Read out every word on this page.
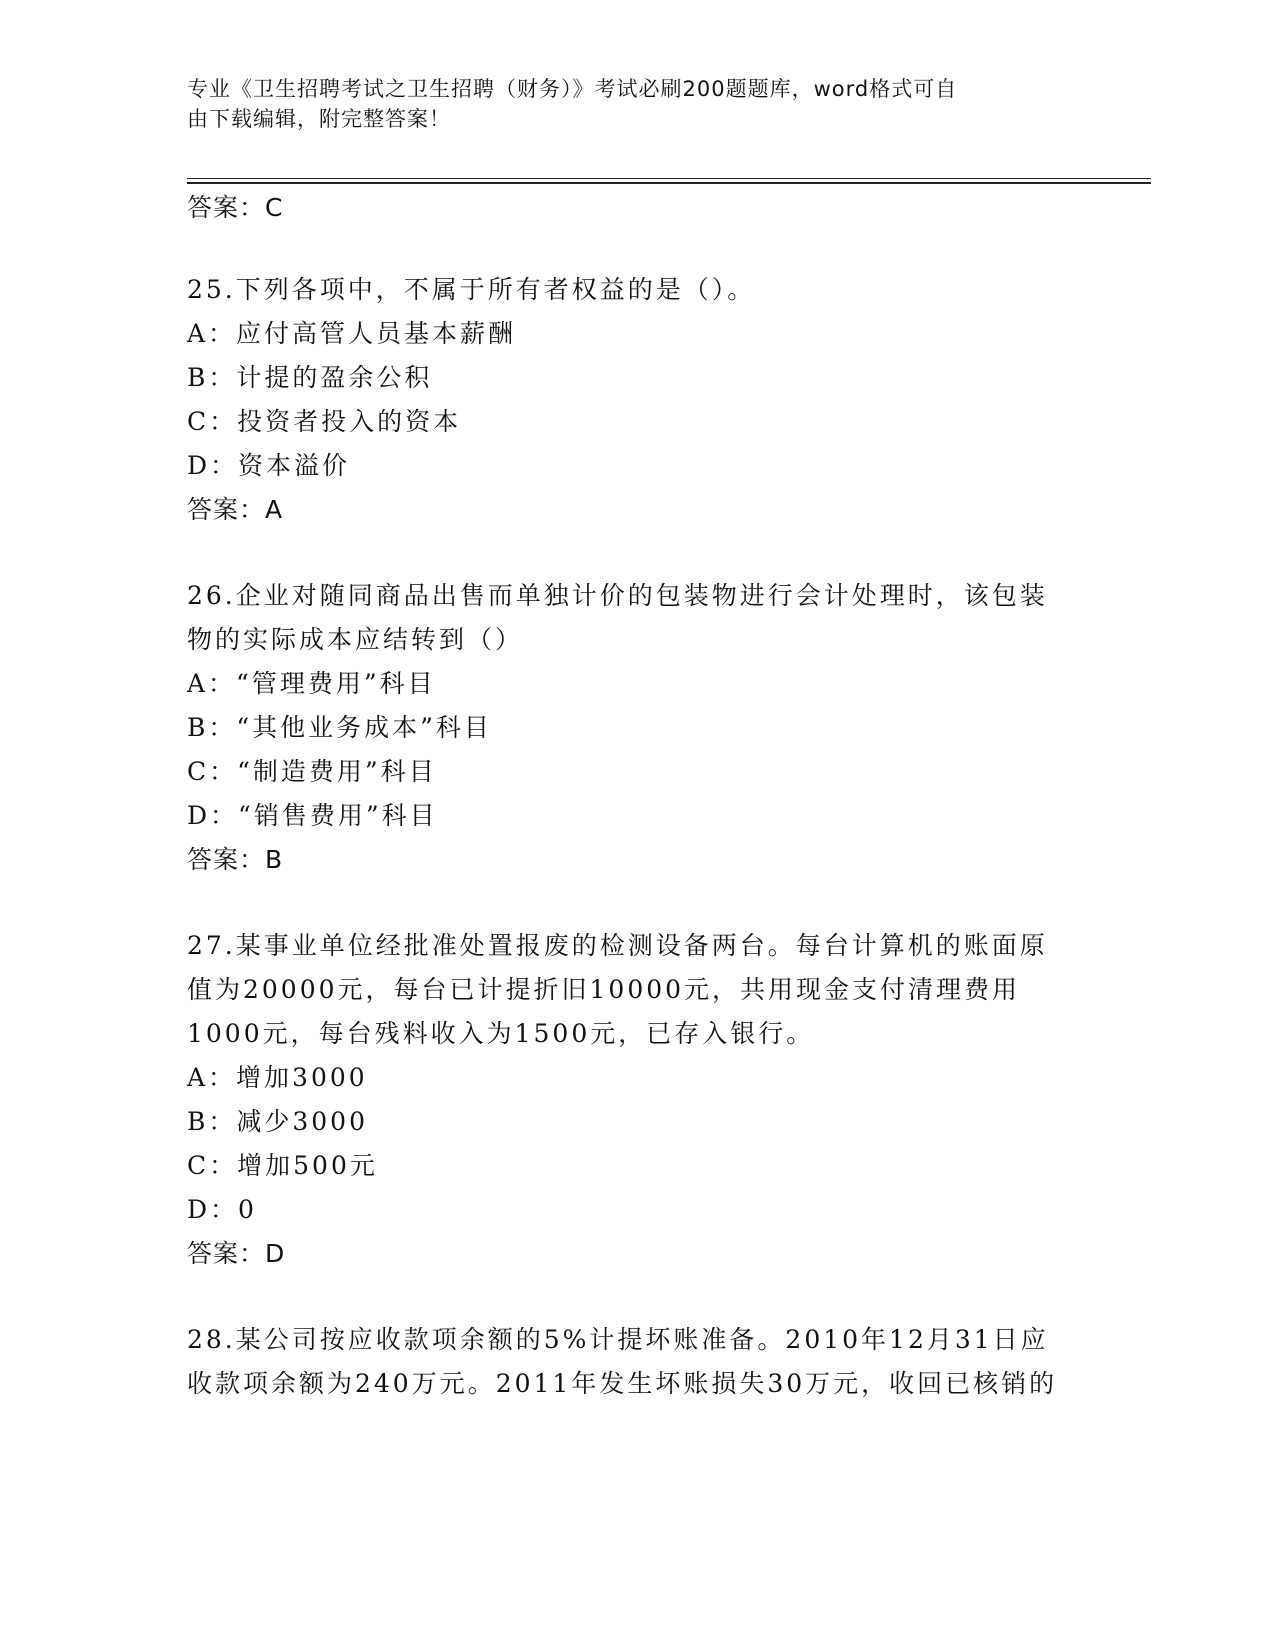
专业《卫生招聘考试之卫生招聘（财务）》考试必刷200题题库，word格式可自
由下载编辑，附完整答案！
答案：C
25.下列各项中，不属于所有者权益的是（）。
A：应付高管人员基本薪酬
B：计提的盈余公积
C：投资者投入的资本
D：资本溢价
答案：A
26.企业对随同商品出售而单独计价的包装物进行会计处理时，该包装
物的实际成本应结转到（）
A：“管理费用”科目
B：“其他业务成本”科目
C：“制造费用”科目
D：“销售费用”科目
答案：B
27.某事业单位经批准处置报废的检测设备两台。每台计算机的账面原
值为20000元，每台已计提折旧10000元，共用现金支付清理费用
1000元，每台残料收入为1500元，已存入银行。
A：增加3000
B：减少3000
C：增加500元
D：0
答案：D
28.某公司按应收款项余额的5%计提坏账准备。2010年12月31日应
收款项余额为240万元。2011年发生坏账损失30万元，收回已核销的
